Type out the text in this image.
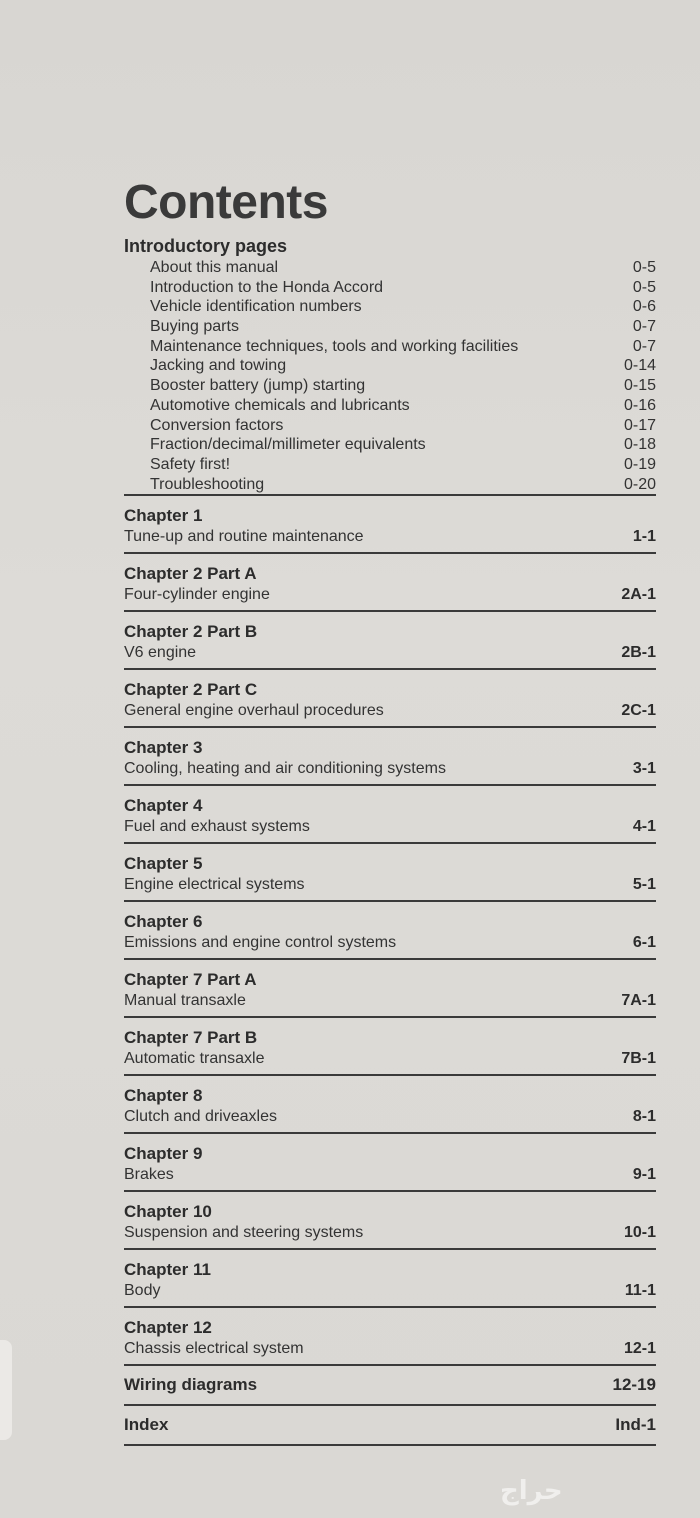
Contents
Introductory pages
About this manual	0-5
Introduction to the Honda Accord	0-5
Vehicle identification numbers	0-6
Buying parts	0-7
Maintenance techniques, tools and working facilities	0-7
Jacking and towing	0-14
Booster battery (jump) starting	0-15
Automotive chemicals and lubricants	0-16
Conversion factors	0-17
Fraction/decimal/millimeter equivalents	0-18
Safety first!	0-19
Troubleshooting	0-20
Chapter 1
Tune-up and routine maintenance	1-1
Chapter 2 Part A
Four-cylinder engine	2A-1
Chapter 2 Part B
V6 engine	2B-1
Chapter 2 Part C
General engine overhaul procedures	2C-1
Chapter 3
Cooling, heating and air conditioning systems	3-1
Chapter 4
Fuel and exhaust systems	4-1
Chapter 5
Engine electrical systems	5-1
Chapter 6
Emissions and engine control systems	6-1
Chapter 7 Part A
Manual transaxle	7A-1
Chapter 7 Part B
Automatic transaxle	7B-1
Chapter 8
Clutch and driveaxles	8-1
Chapter 9
Brakes	9-1
Chapter 10
Suspension and steering systems	10-1
Chapter 11
Body	11-1
Chapter 12
Chassis electrical system	12-1
Wiring diagrams	12-19
Index	Ind-1
حراج
